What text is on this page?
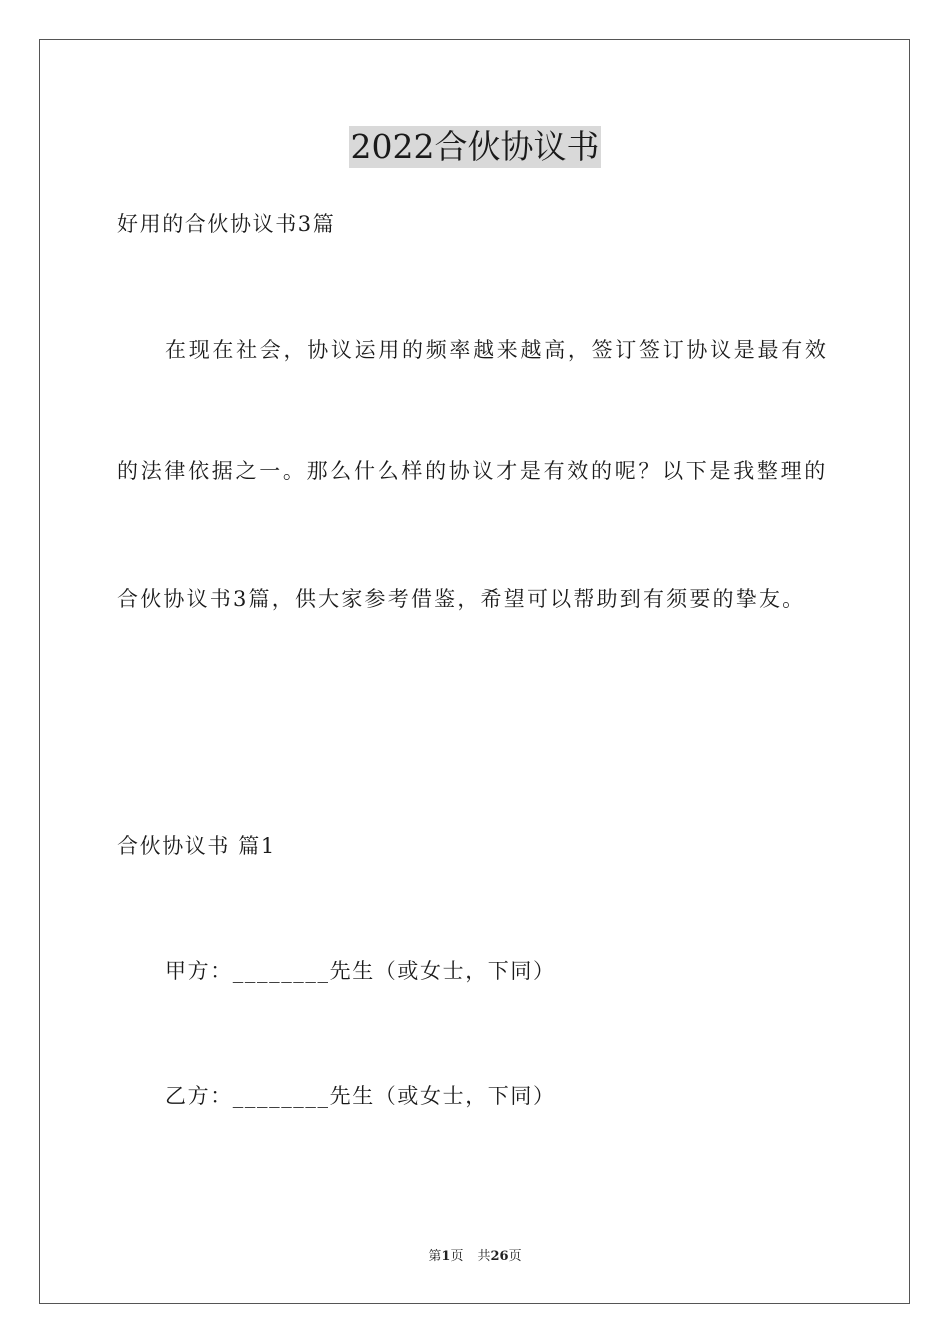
2022合伙协议书
好用的合伙协议书3篇
在现在社会，协议运用的频率越来越高，签订签订协议是最有效
的法律依据之一。那么什么样的协议才是有效的呢？以下是我整理的
合伙协议书3篇，供大家参考借鉴，希望可以帮助到有须要的挚友。
合伙协议书 篇1
甲方：________先生（或女士，下同）
乙方：________先生（或女士，下同）
第1页 共26页
